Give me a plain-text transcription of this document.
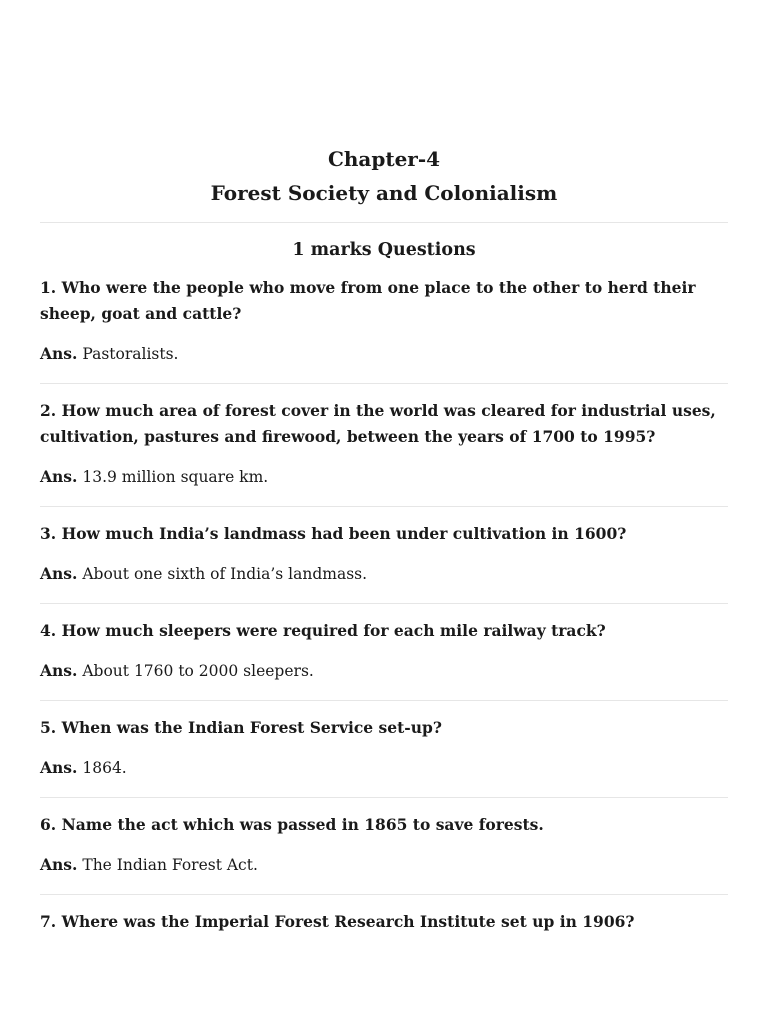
Chapter-4
Forest Society and Colonialism
1 marks Questions

1. Who were the people who move from one place to the other to herd their sheep, goat and cattle?

Ans. Pastoralists.

2. How much area of forest cover in the world was cleared for industrial uses, cultivation, pastures and firewood, between the years of 1700 to 1995?

Ans. 13.9 million square km.

3. How much India’s landmass had been under cultivation in 1600?

Ans. About one sixth of India’s landmass.

4. How much sleepers were required for each mile railway track?

Ans. About 1760 to 2000 sleepers.

5. When was the Indian Forest Service set-up?

Ans. 1864.

6. Name the act which was passed in 1865 to save forests.

Ans. The Indian Forest Act.

7. Where was the Imperial Forest Research Institute set up in 1906?
